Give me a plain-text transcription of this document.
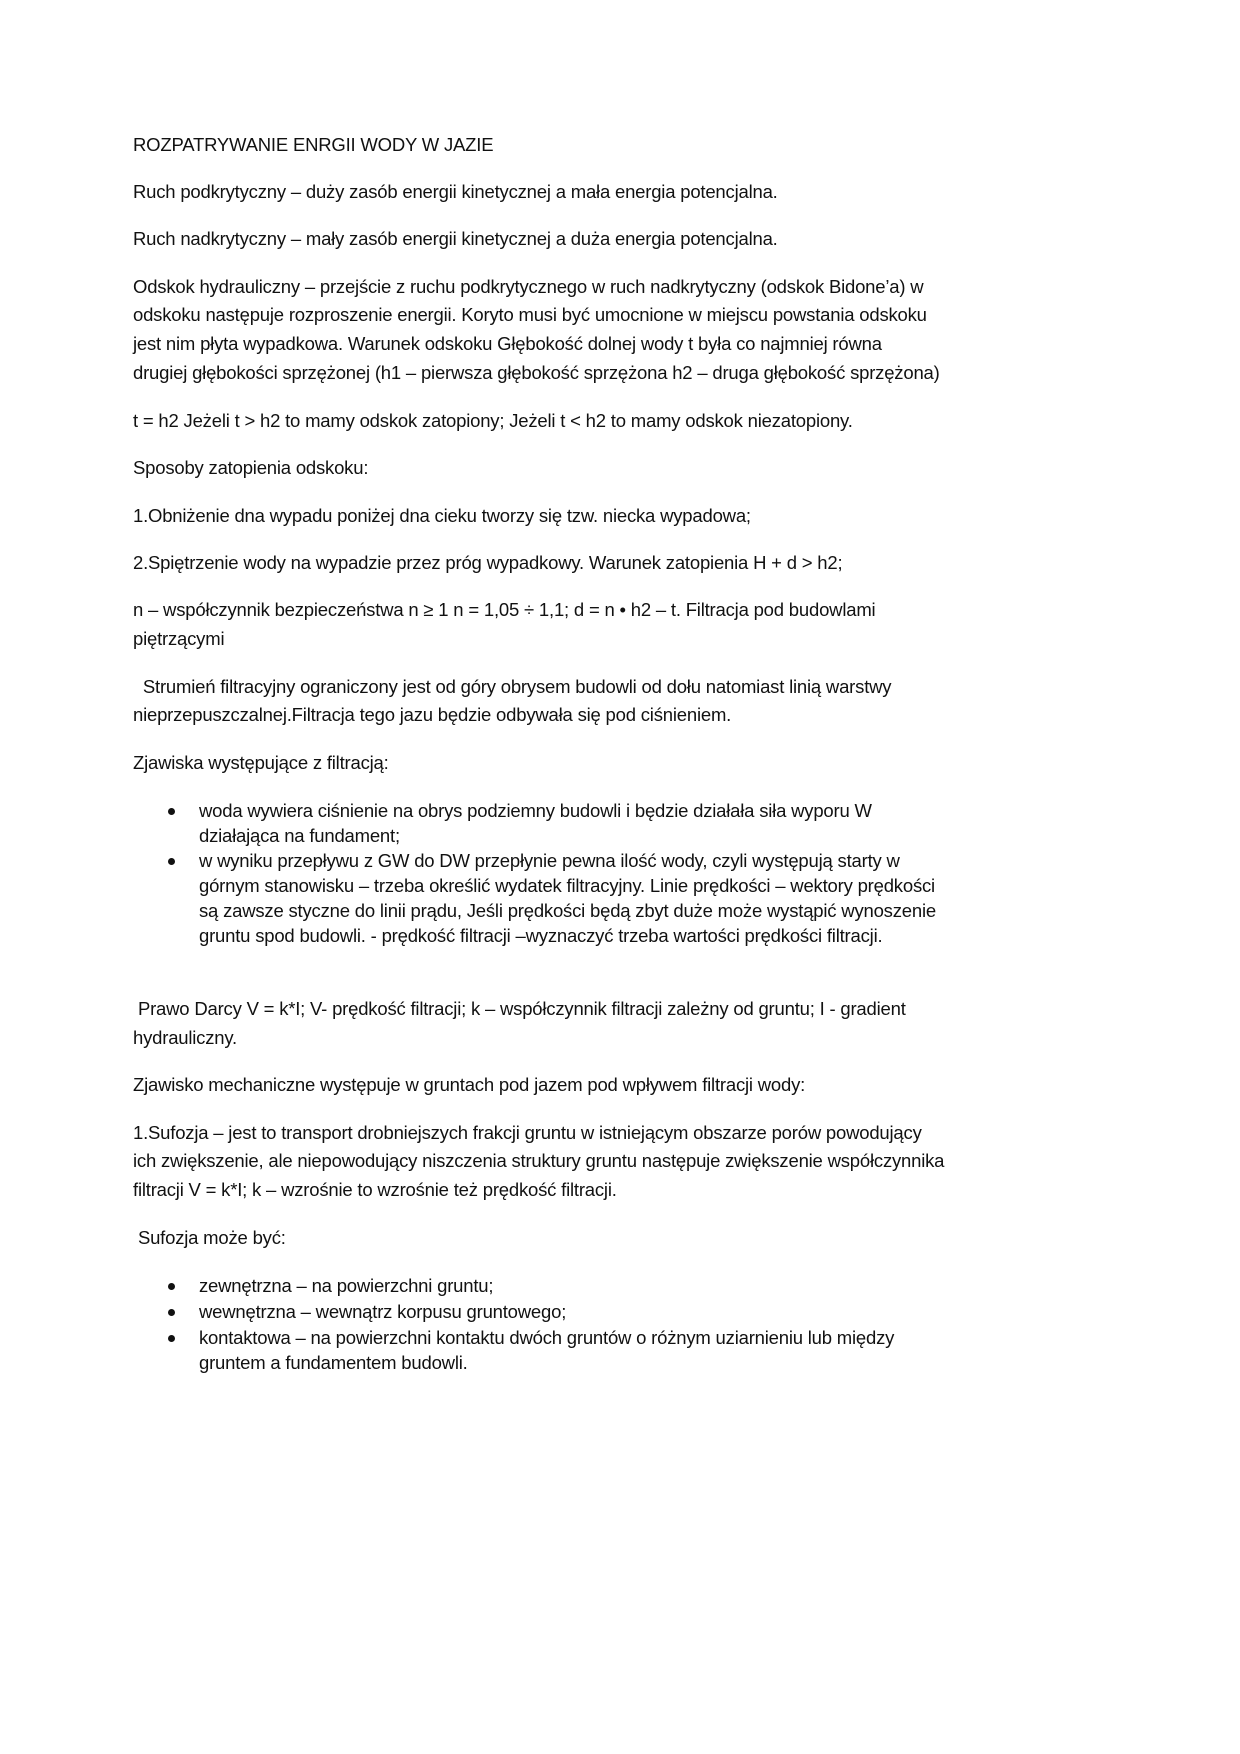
ROZPATRYWANIE ENRGII WODY W JAZIE
Ruch podkrytyczny – duży zasób energii kinetycznej a mała energia potencjalna.
Ruch nadkrytyczny – mały zasób energii kinetycznej a duża energia potencjalna.
Odskok hydrauliczny – przejście z ruchu podkrytycznego w ruch nadkrytyczny (odskok Bidone’a) w
odskoku następuje rozproszenie energii. Koryto musi być umocnione w miejscu powstania odskoku
jest nim płyta wypadkowa. Warunek odskoku Głębokość dolnej wody t była co najmniej równa
drugiej głębokości sprzężonej (h1 – pierwsza głębokość sprzężona h2 – druga głębokość sprzężona)
t = h2 Jeżeli t > h2 to mamy odskok zatopiony; Jeżeli t < h2 to mamy odskok niezatopiony.
Sposoby zatopienia odskoku:
1.Obniżenie dna wypadu poniżej dna cieku tworzy się tzw. niecka wypadowa;
2.Spiętrzenie wody na wypadzie przez próg wypadkowy. Warunek zatopienia H + d > h2;
n – współczynnik bezpieczeństwa n ≥ 1 n = 1,05 ÷ 1,1; d = n • h2 – t. Filtracja pod budowlami
piętrzącymi
Strumień filtracyjny ograniczony jest od góry obrysem budowli od dołu natomiast linią warstwy
nieprzepuszczalnej.Filtracja tego jazu będzie odbywała się pod ciśnieniem.
Zjawiska występujące z filtracją:
woda wywiera ciśnienie na obrys podziemny budowli i będzie działała siła wyporu W
działająca na fundament;
w wyniku przepływu z GW do DW przepłynie pewna ilość wody, czyli występują starty w
górnym stanowisku – trzeba określić wydatek filtracyjny. Linie prędkości – wektory prędkości
są zawsze styczne do linii prądu, Jeśli prędkości będą zbyt duże może wystąpić wynoszenie
gruntu spod budowli. - prędkość filtracji –wyznaczyć trzeba wartości prędkości filtracji.
Prawo Darcy V = k*I; V- prędkość filtracji; k – współczynnik filtracji zależny od gruntu; I - gradient
hydrauliczny.
Zjawisko mechaniczne występuje w gruntach pod jazem pod wpływem filtracji wody:
1.Sufozja – jest to transport drobniejszych frakcji gruntu w istniejącym obszarze porów powodujący
ich zwiększenie, ale niepowodujący niszczenia struktury gruntu następuje zwiększenie współczynnika
filtracji V = k*I; k – wzrośnie to wzrośnie też prędkość filtracji.
Sufozja może być:
zewnętrzna – na powierzchni gruntu;
wewnętrzna – wewnątrz korpusu gruntowego;
kontaktowa – na powierzchni kontaktu dwóch gruntów o różnym uziarnieniu lub między
gruntem a fundamentem budowli.
